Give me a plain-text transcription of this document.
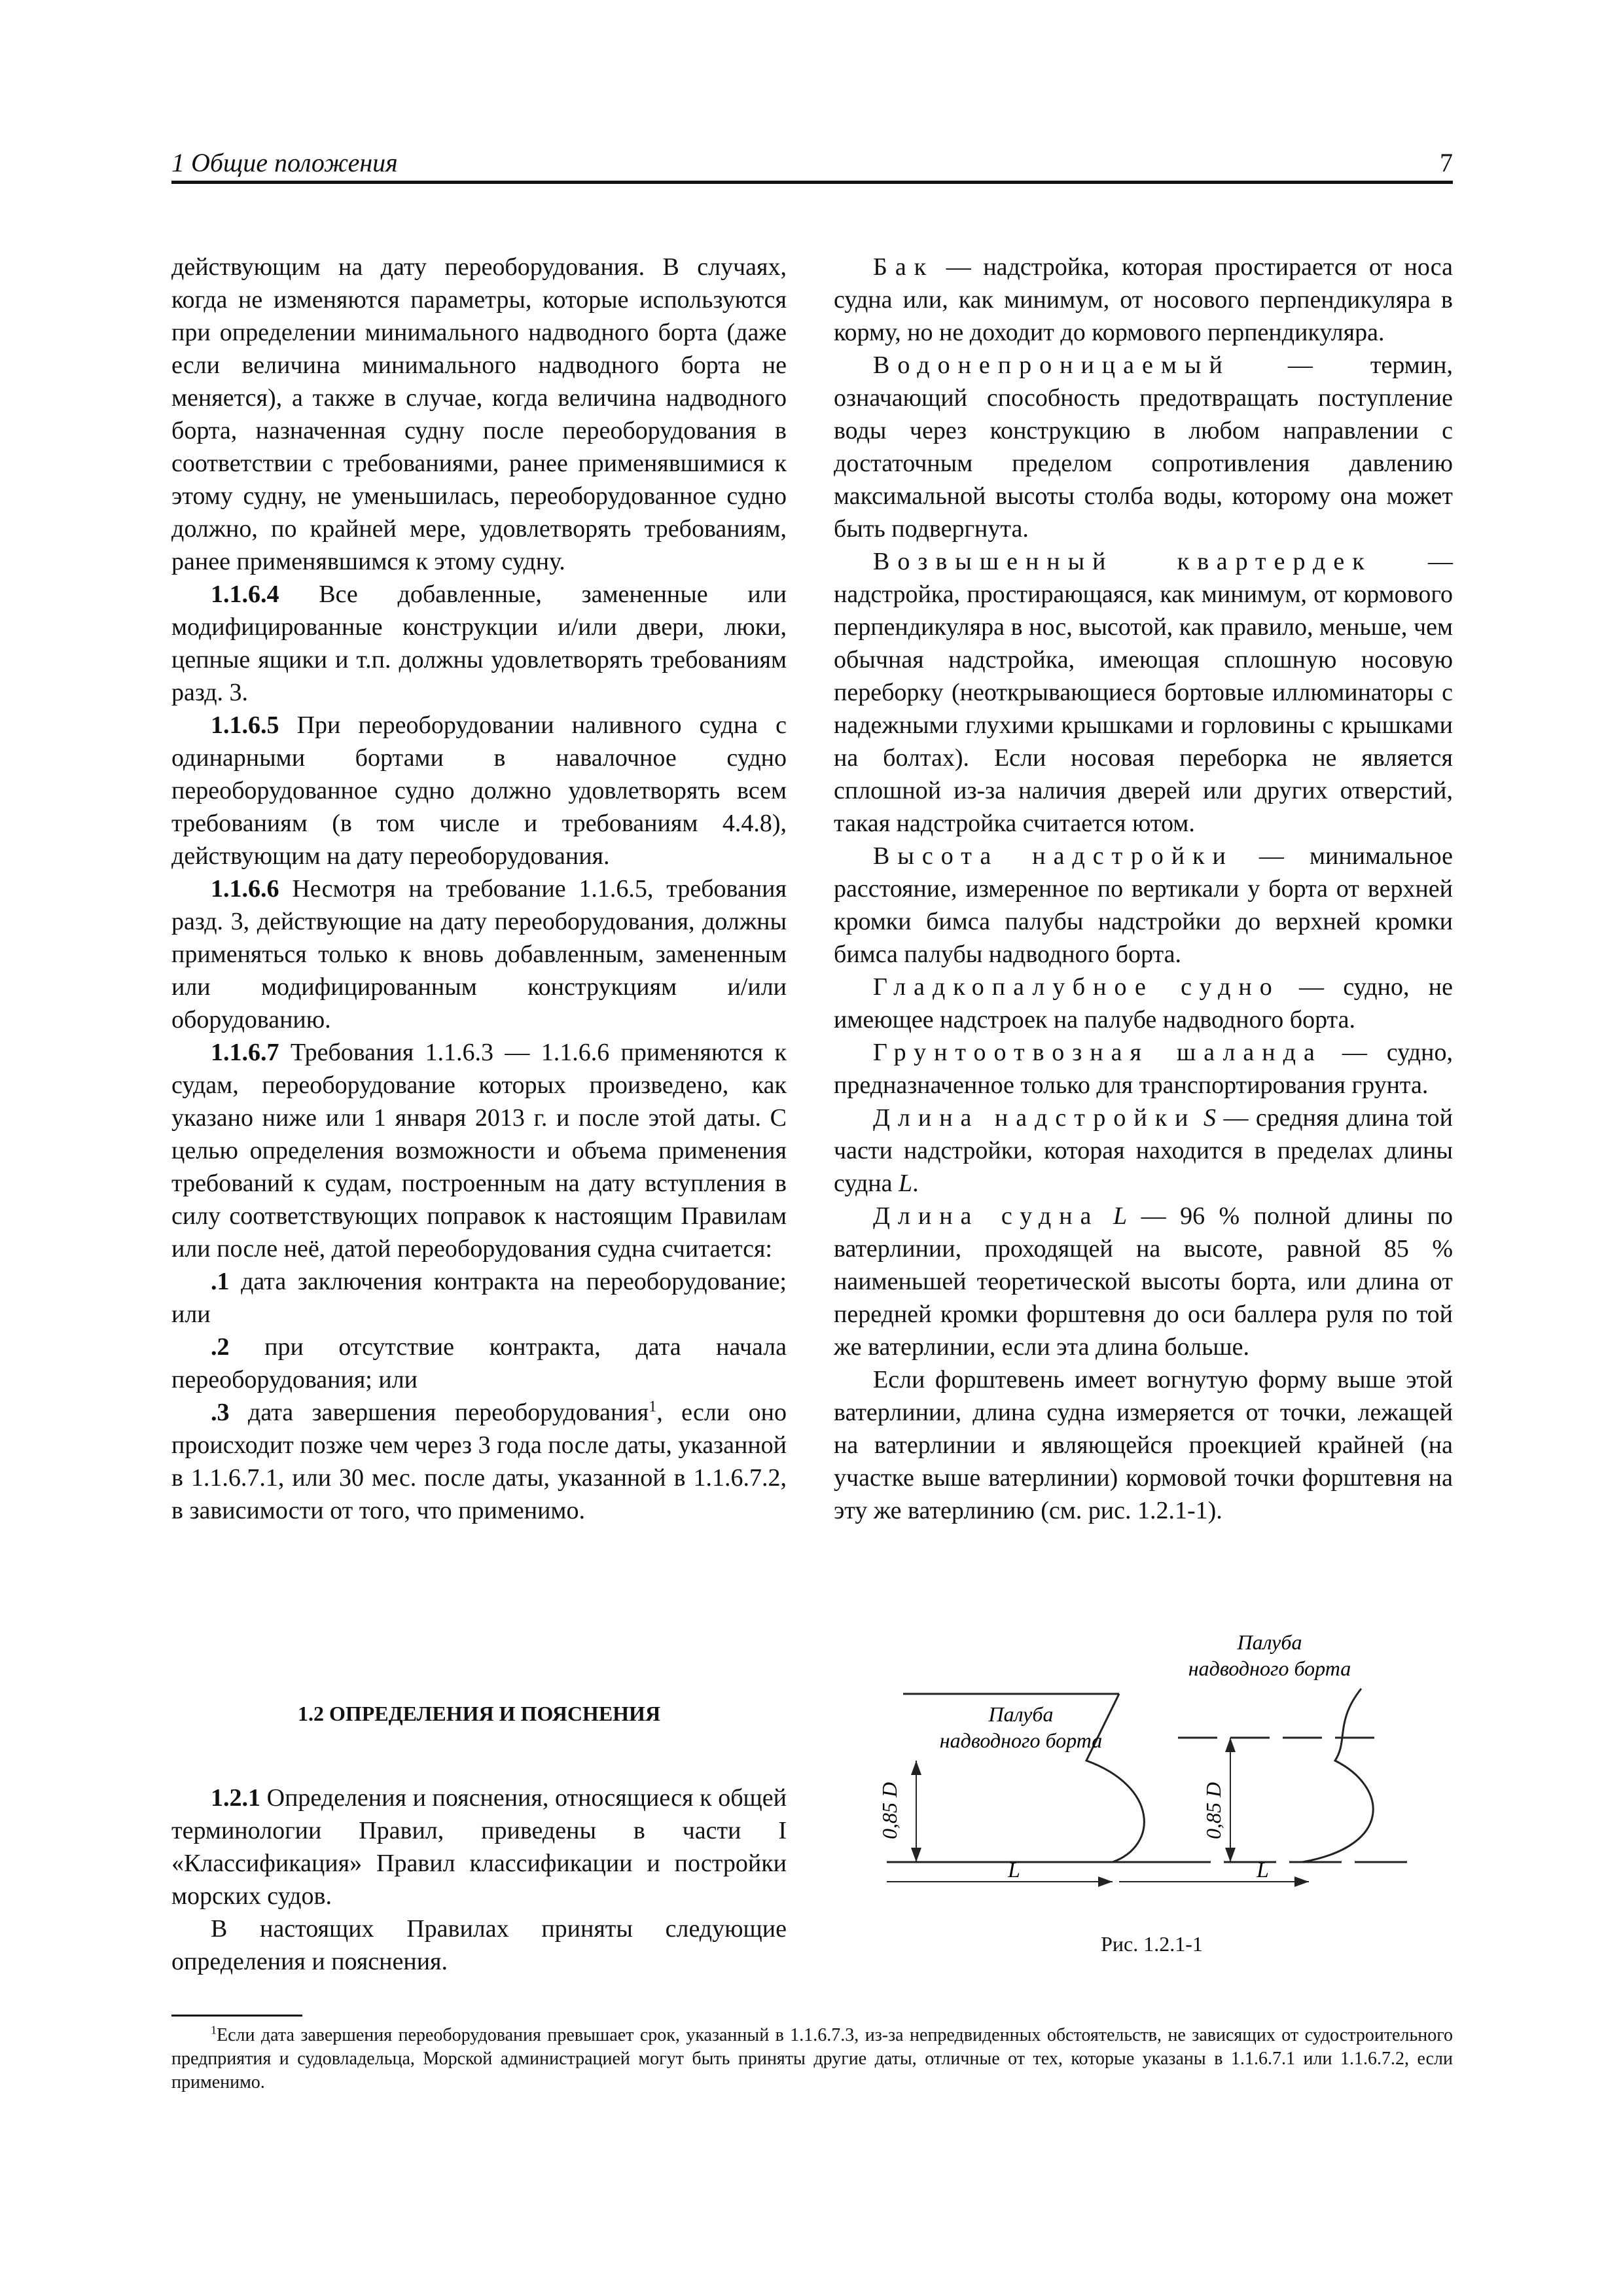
1 Общие положения	7

действующим на дату переоборудования. В случаях, когда не изменяются параметры, которые используются при определении минимального надводного борта (даже если величина минимального надводного борта не меняется), а также в случае, когда величина надводного борта, назначенная судну после переоборудования в соответствии с требованиями, ранее применявшимися к этому судну, не уменьшилась, переоборудованное судно должно, по крайней мере, удовлетворять требованиям, ранее применявшимся к этому судну.

1.1.6.4 Все добавленные, замененные или модифицированные конструкции и/или двери, люки, цепные ящики и т.п. должны удовлетворять требованиям разд. 3.

1.1.6.5 При переоборудовании наливного судна с одинарными бортами в навалочное судно переоборудованное судно должно удовлетворять всем требованиям (в том числе и требованиям 4.4.8), действующим на дату переоборудования.

1.1.6.6 Несмотря на требование 1.1.6.5, требования разд. 3, действующие на дату переоборудования, должны применяться только к вновь добавленным, замененным или модифицированным конструкциям и/или оборудованию.

1.1.6.7 Требования 1.1.6.3 — 1.1.6.6 применяются к судам, переоборудование которых произведено, как указано ниже или 1 января 2013 г. и после этой даты. С целью определения возможности и объема применения требований к судам, построенным на дату вступления в силу соответствующих поправок к настоящим Правилам или после неё, датой переоборудования судна считается:

.1 дата заключения контракта на переоборудование; или

.2 при отсутствие контракта, дата начала переоборудования; или

.3 дата завершения переоборудования$^1$, если оно происходит позже чем через 3 года после даты, указанной в 1.1.6.7.1, или 30 мес. после даты, указанной в 1.1.6.7.2, в зависимости от того, что применимо.

1.2 ОПРЕДЕЛЕНИЯ И ПОЯСНЕНИЯ

1.2.1 Определения и пояснения, относящиеся к общей терминологии Правил, приведены в части I «Классификация» Правил классификации и постройки морских судов.

В настоящих Правилах приняты следующие определения и пояснения.

Бак — надстройка, которая простирается от носа судна или, как минимум, от носового перпендикуляра в корму, но не доходит до кормового перпендикуляра.

Водонепроницаемый — термин, означающий способность предотвращать поступление воды через конструкцию в любом направлении с достаточным пределом сопротивления давлению максимальной высоты столба воды, которому она может быть подвергнута.

Возвышенный квартердек — надстройка, простирающаяся, как минимум, от кормового перпендикуляра в нос, высотой, как правило, меньше, чем обычная надстройка, имеющая сплошную носовую переборку (неоткрывающиеся бортовые иллюминаторы с надежными глухими крышками и горловины с крышками на болтах). Если носовая переборка не является сплошной из-за наличия дверей или других отверстий, такая надстройка считается ютом.

Высота надстройки — минимальное расстояние, измеренное по вертикали у борта от верхней кромки бимса палубы надстройки до верхней кромки бимса палубы надводного борта.

Гладкопалубное судно — судно, не имеющее надстроек на палубе надводного борта.

Грунтоотвозная шаланда — судно, предназначенное только для транспортирования грунта.

Длина надстройки S — средняя длина той части надстройки, которая находится в пределах длины судна L.

Длина судна L — 96 % полной длины по ватерлинии, проходящей на высоте, равной 85 % наименьшей теоретической высоты борта, или длина от передней кромки форштевня до оси баллера руля по той же ватерлинии, если эта длина больше.

Если форштевень имеет вогнутую форму выше этой ватерлинии, длина судна измеряется от точки, лежащей на ватерлинии и являющейся проекцией крайней (на участке выше ватерлинии) кормовой точки форштевня на эту же ватерлинию (см. рис. 1.2.1-1).

0,85 D
L
Палуба
надводного борта
0,85 D
L
Палуба
надводного борта
Рис. 1.2.1-1

$^1$Если дата завершения переоборудования превышает срок, указанный в 1.1.6.7.3, из-за непредвиденных обстоятельств, не зависящих от судостроительного предприятия и судовладельца, Морской администрацией могут быть приняты другие даты, отличные от тех, которые указаны в 1.1.6.7.1 или 1.1.6.7.2, если применимо.
